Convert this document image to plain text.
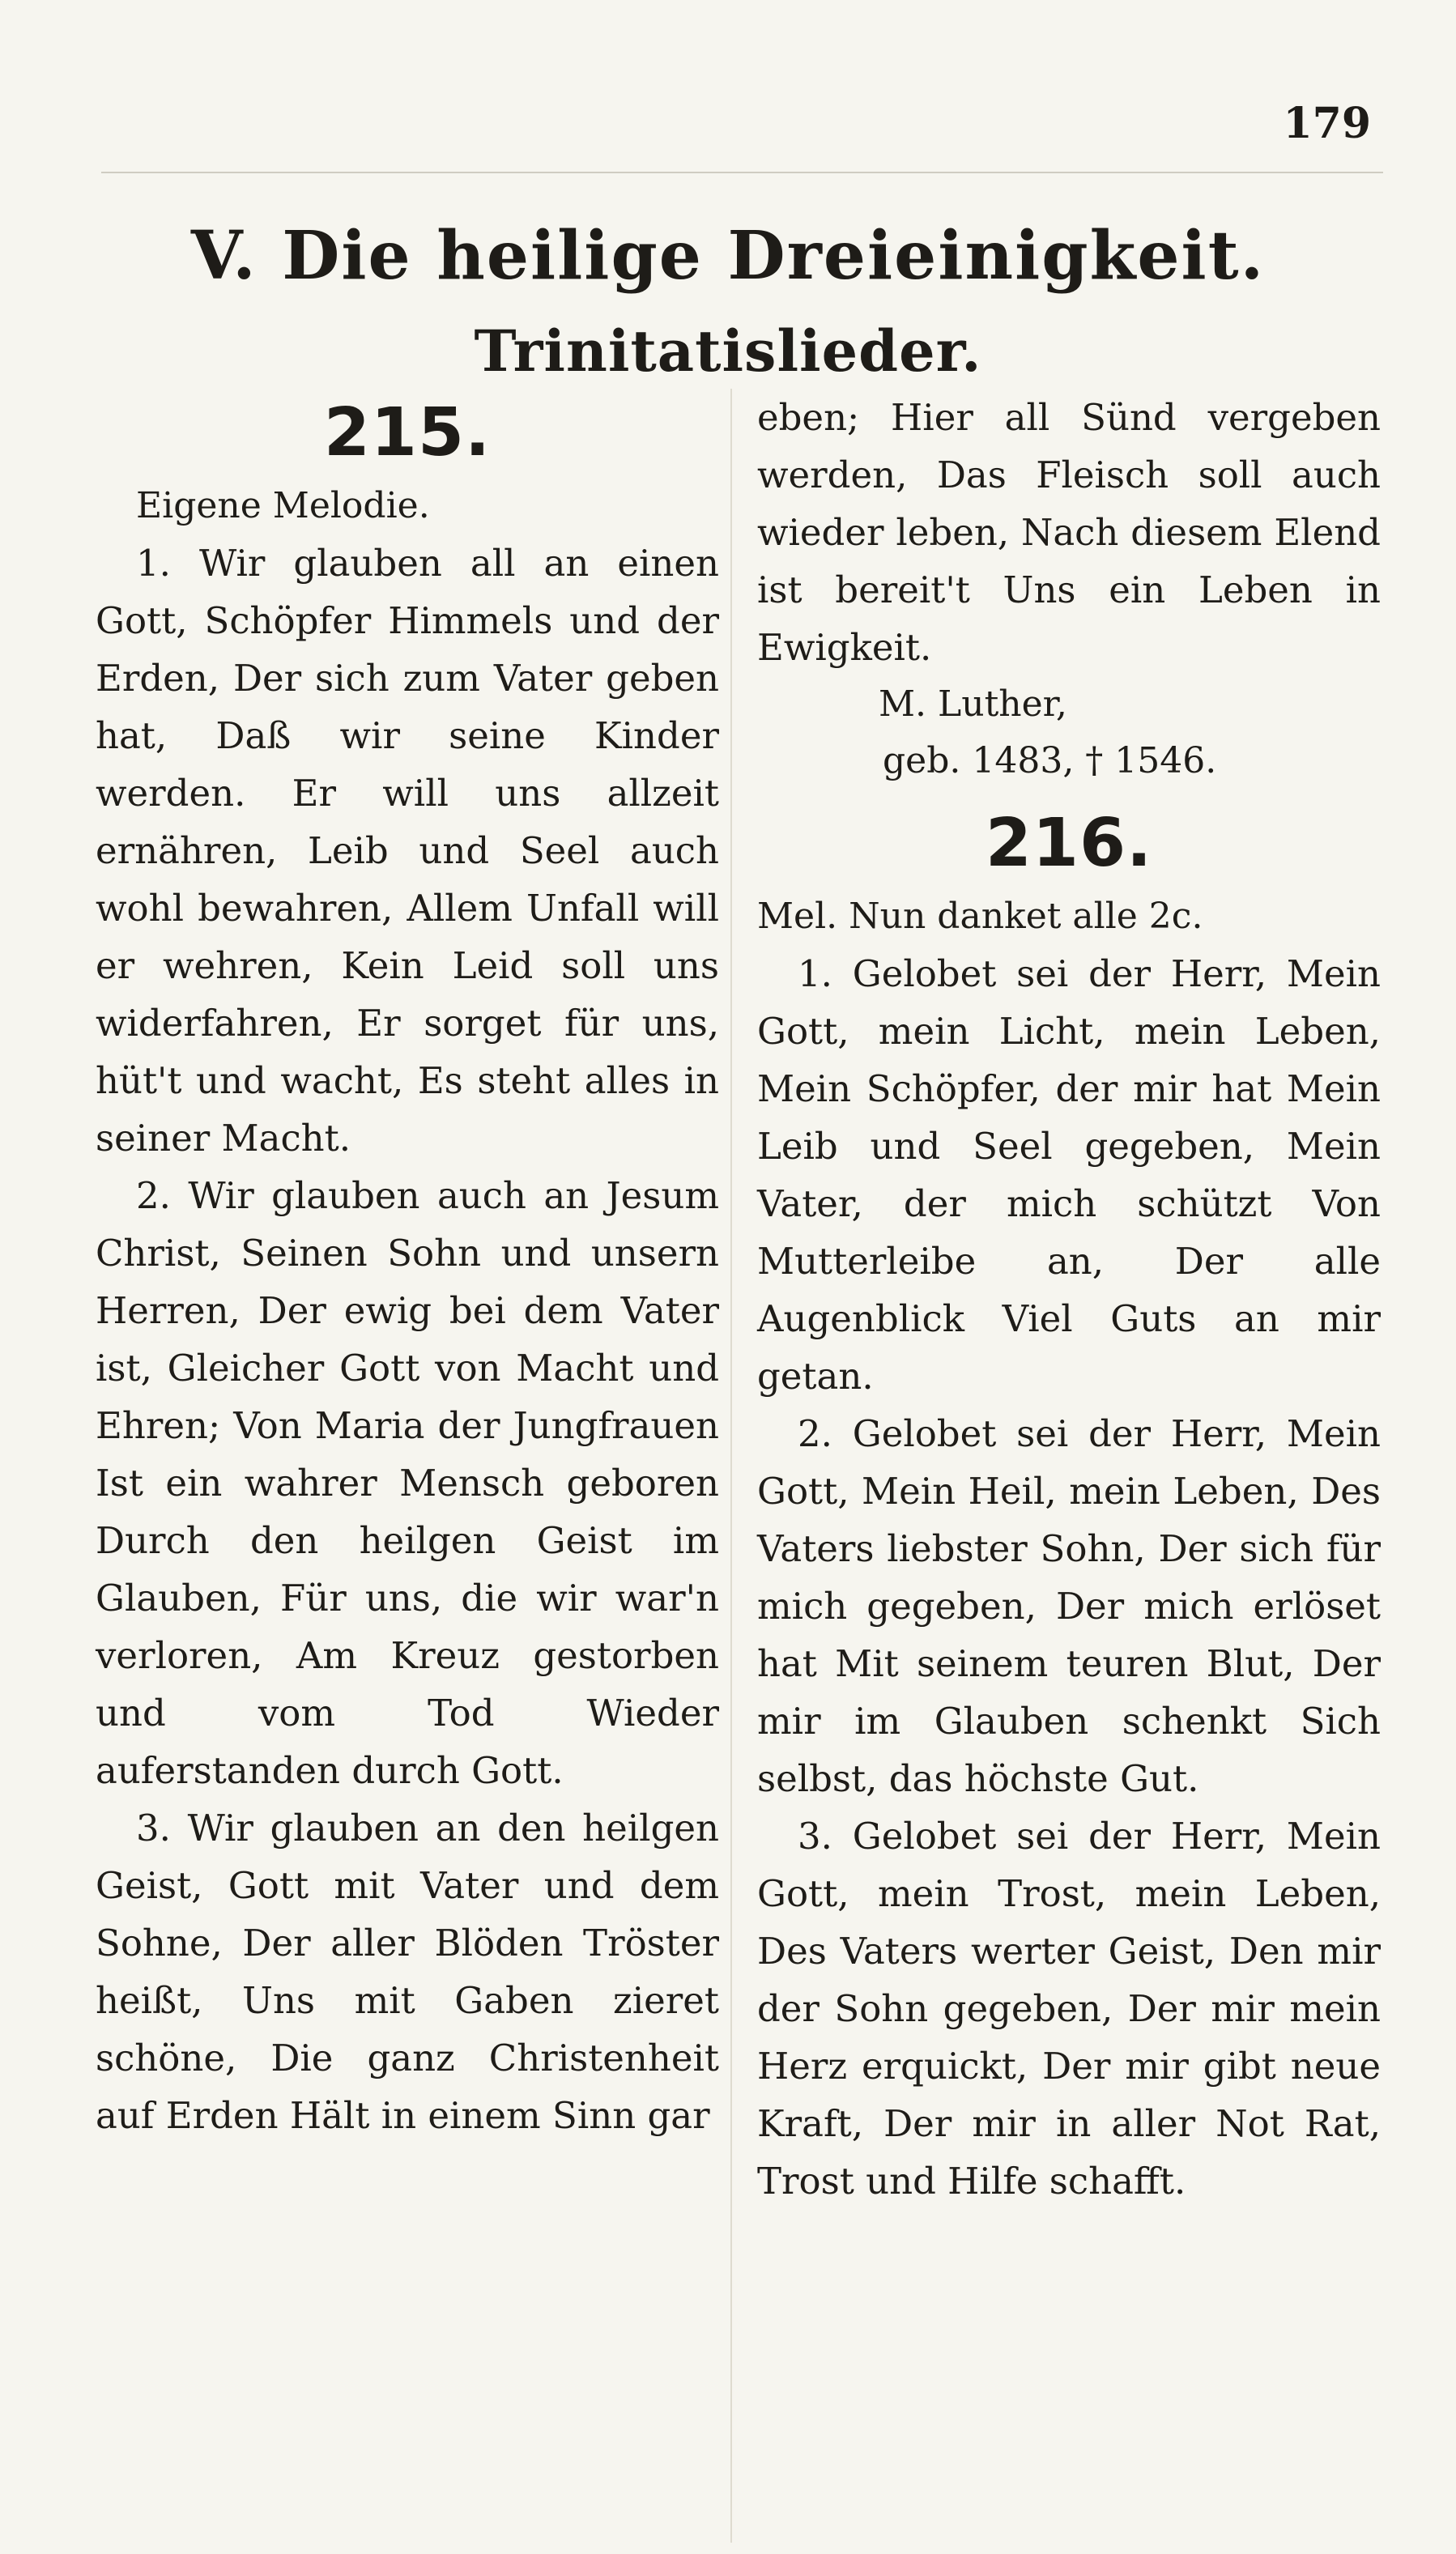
179
V. Die heilige Dreieinigkeit.
Trinitatislieder.
215.
Eigene Melodie.

1. Wir glauben all an einen Gott, Schöpfer Himmels und der Erden, Der sich zum Vater geben hat, Daß wir seine Kinder werden. Er will uns allzeit ernähren, Leib und Seel auch wohl bewahren, Allem Unfall will er wehren, Kein Leid soll uns widerfahren, Er sorget für uns, hüt't und wacht, Es steht alles in seiner Macht.

2. Wir glauben auch an Jesum Christ, Seinen Sohn und unsern Herren, Der ewig bei dem Vater ist, Gleicher Gott von Macht und Ehren; Von Maria der Jungfrauen Ist ein wahrer Mensch geboren Durch den heilgen Geist im Glauben, Für uns, die wir war'n verloren, Am Kreuz gestorben und vom Tod Wieder auferstanden durch Gott.

3. Wir glauben an den heilgen Geist, Gott mit Vater und dem Sohne, Der aller Blöden Tröster heißt, Uns mit Gaben zieret schöne, Die ganz Christenheit auf Erden Hält in einem Sinn gar

eben; Hier all Sünd vergeben werden, Das Fleisch soll auch wieder leben, Nach diesem Elend ist bereit't Uns ein Leben in Ewigkeit.

M. Luther,
geb. 1483, † 1546.
216.
Mel. Nun danket alle 2c.

1. Gelobet sei der Herr, Mein Gott, mein Licht, mein Leben, Mein Schöpfer, der mir hat Mein Leib und Seel gegeben, Mein Vater, der mich schützt Von Mutterleibe an, Der alle Augenblick Viel Guts an mir getan.

2. Gelobet sei der Herr, Mein Gott, Mein Heil, mein Leben, Des Vaters liebster Sohn, Der sich für mich gegeben, Der mich erlöset hat Mit seinem teuren Blut, Der mir im Glauben schenkt Sich selbst, das höchste Gut.

3. Gelobet sei der Herr, Mein Gott, mein Trost, mein Leben, Des Vaters werter Geist, Den mir der Sohn gegeben, Der mir mein Herz erquickt, Der mir gibt neue Kraft, Der mir in aller Not Rat, Trost und Hilfe schafft.
